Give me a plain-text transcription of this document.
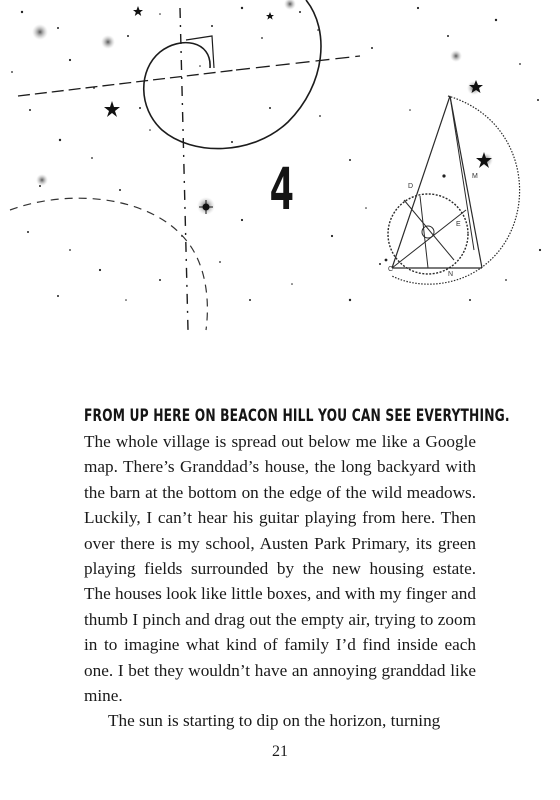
D
M
E
C
N
4
FROM UP HERE ON BEACON HILL YOU CAN SEE EVERYTHING.

The whole village is spread out below me like a Google map. There’s Granddad’s house, the long backyard with the barn at the bottom on the edge of the wild meadows. Luckily, I can’t hear his guitar playing from here. Then over there is my school, Austen Park Primary, its green playing fields surrounded by the new housing estate. The houses look like little boxes, and with my finger and thumb I pinch and drag out the empty air, trying to zoom in to imagine what kind of family I’d find inside each one. I bet they wouldn’t have an annoying granddad like mine.

The sun is starting to dip on the horizon, turning

21
